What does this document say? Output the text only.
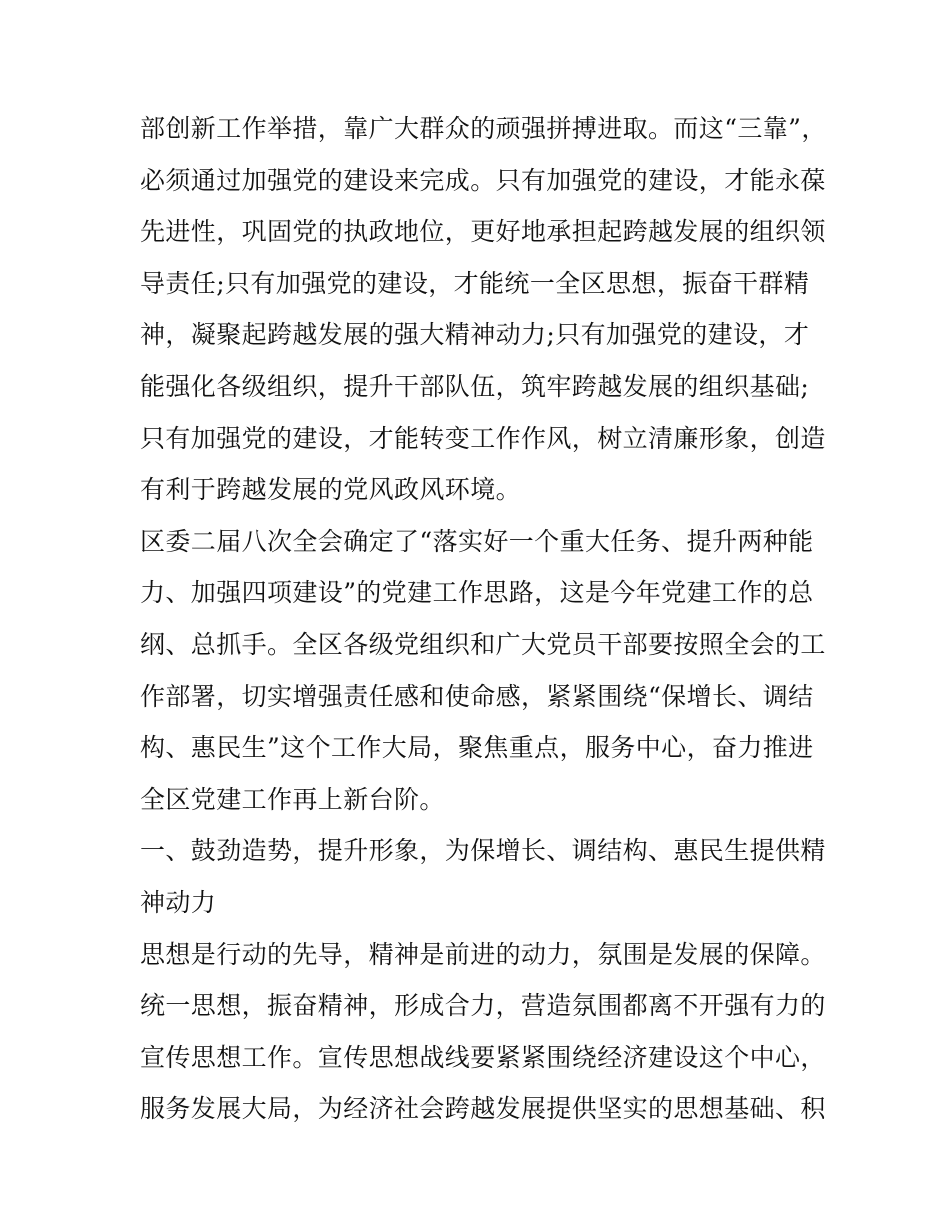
部创新工作举措，靠广大群众的顽强拼搏进取。而这“三靠”，
必须通过加强党的建设来完成。只有加强党的建设，才能永葆
先进性，巩固党的执政地位，更好地承担起跨越发展的组织领
导责任;只有加强党的建设，才能统一全区思想，振奋干群精
神，凝聚起跨越发展的强大精神动力;只有加强党的建设，才
能强化各级组织，提升干部队伍，筑牢跨越发展的组织基础;
只有加强党的建设，才能转变工作作风，树立清廉形象，创造
有利于跨越发展的党风政风环境。
区委二届八次全会确定了“落实好一个重大任务、提升两种能
力、加强四项建设”的党建工作思路，这是今年党建工作的总
纲、总抓手。全区各级党组织和广大党员干部要按照全会的工
作部署，切实增强责任感和使命感，紧紧围绕“保增长、调结
构、惠民生”这个工作大局，聚焦重点，服务中心，奋力推进
全区党建工作再上新台阶。
一、鼓劲造势，提升形象，为保增长、调结构、惠民生提供精
神动力
思想是行动的先导，精神是前进的动力，氛围是发展的保障。
统一思想，振奋精神，形成合力，营造氛围都离不开强有力的
宣传思想工作。宣传思想战线要紧紧围绕经济建设这个中心，
服务发展大局，为经济社会跨越发展提供坚实的思想基础、积
